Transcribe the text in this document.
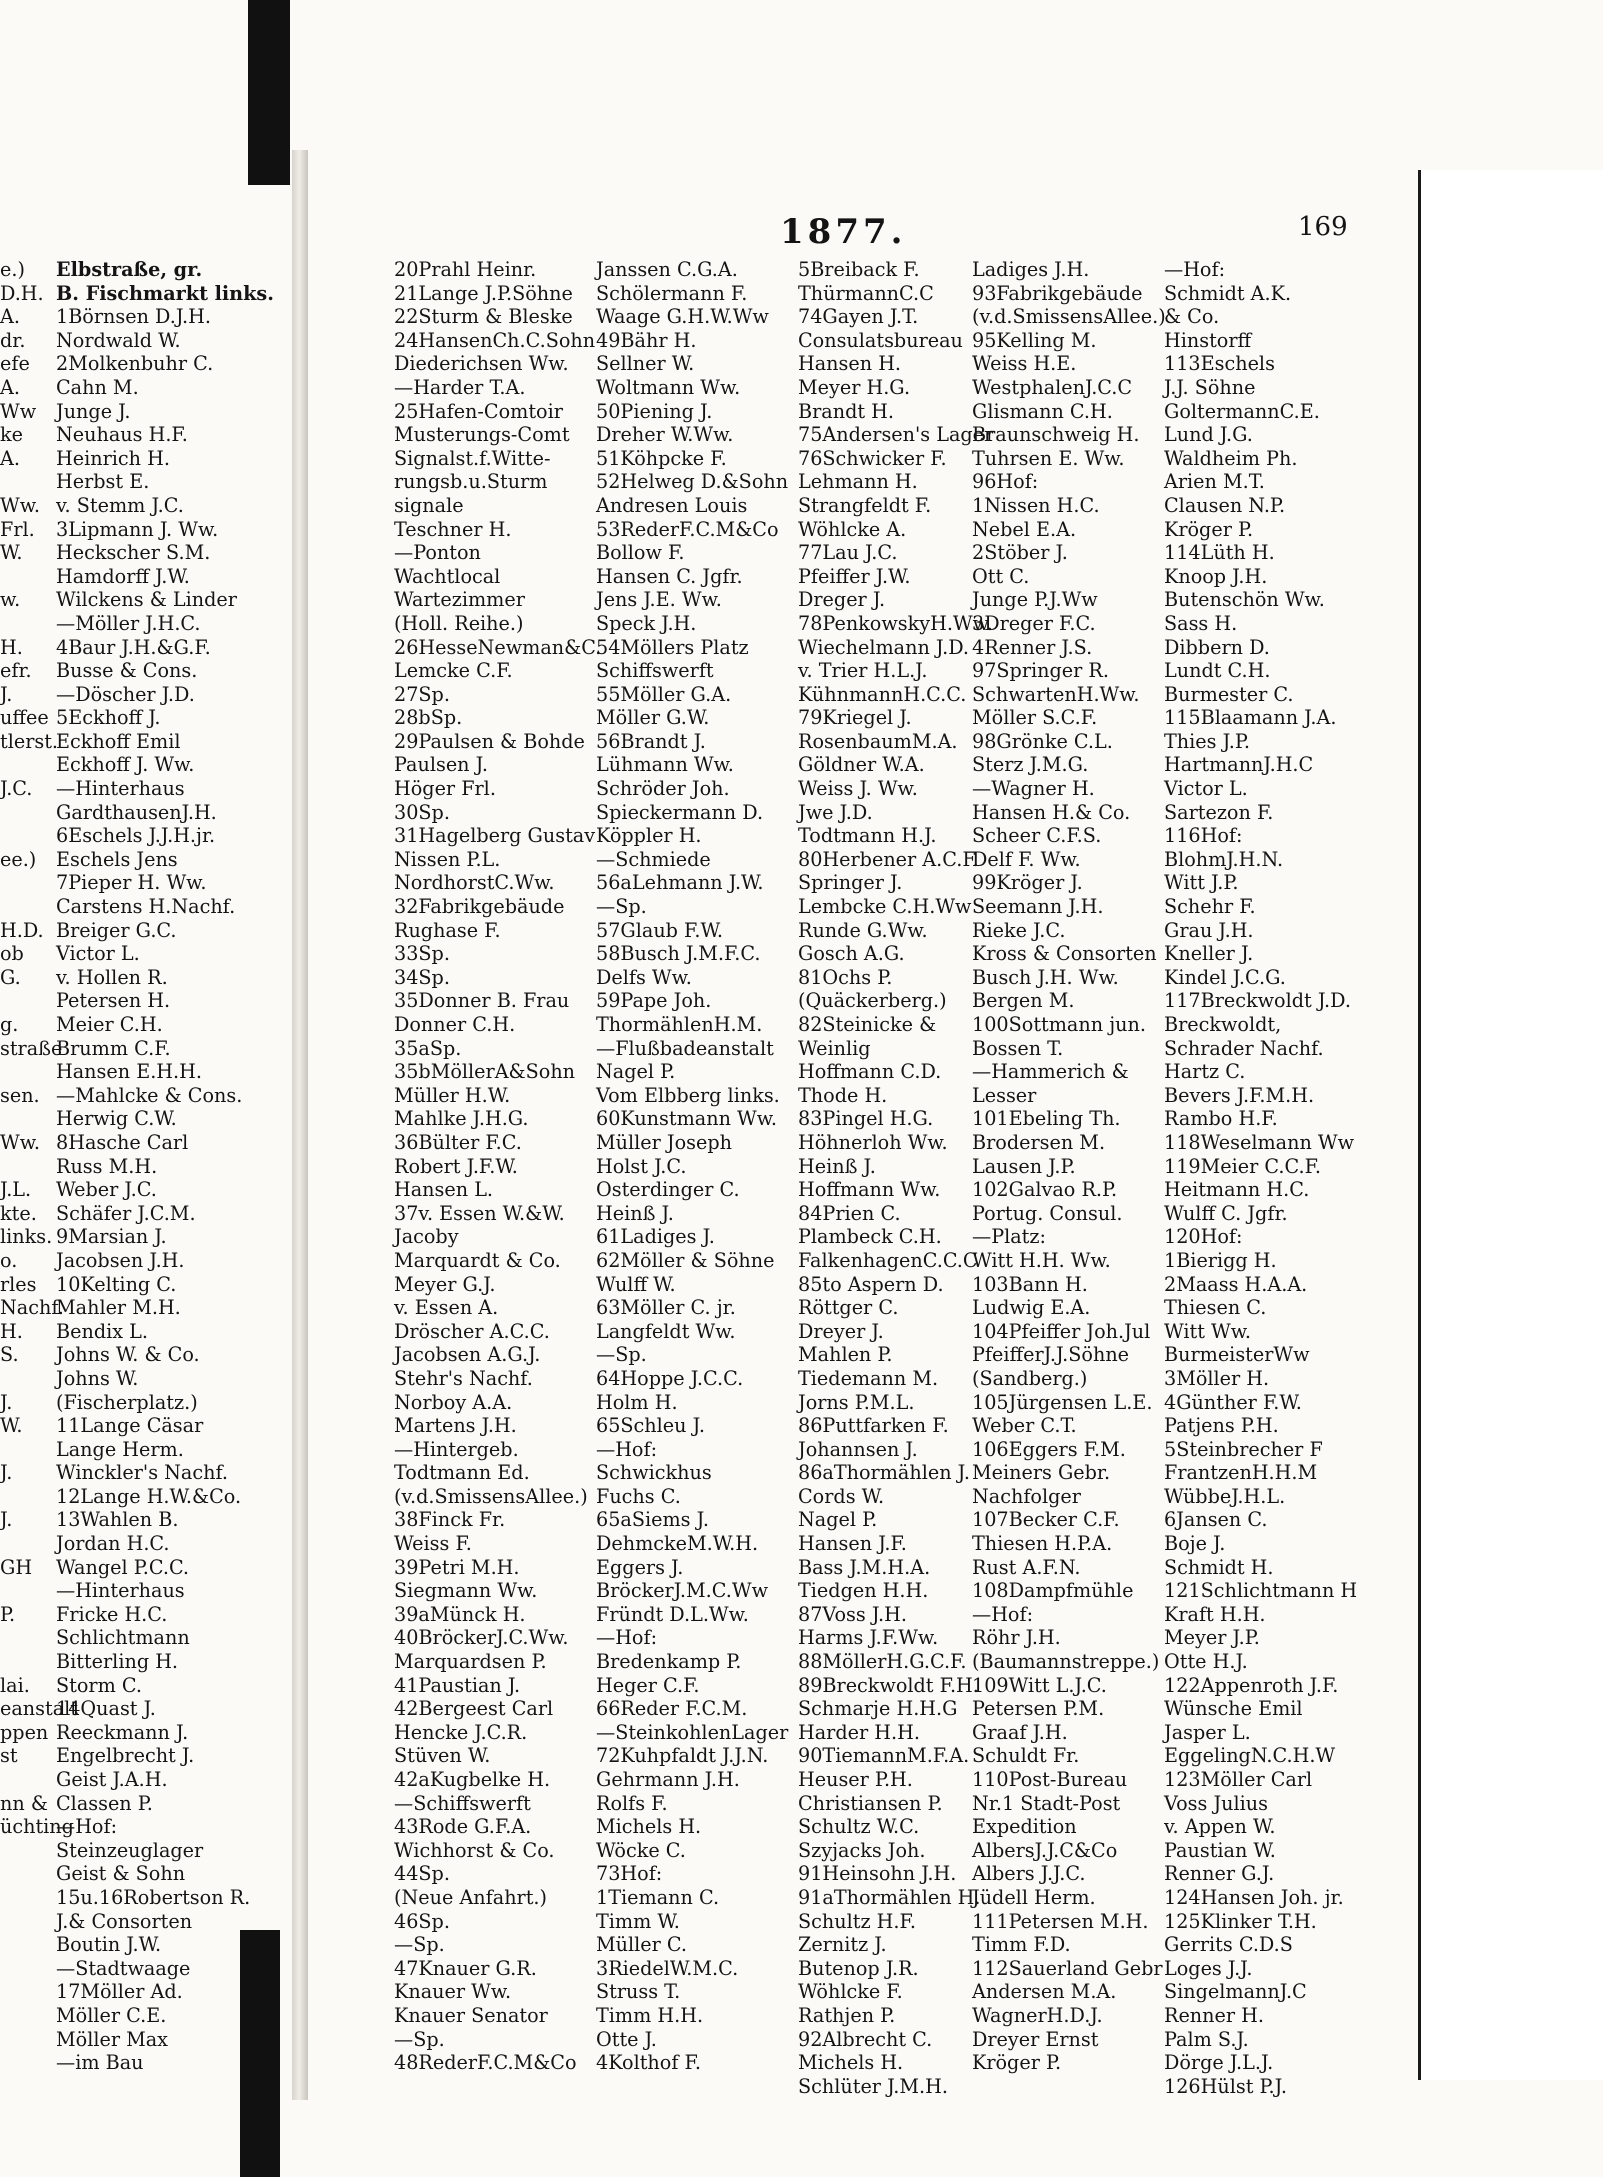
1877.	169
e.)
D.H.
A.
dr.
efe
A.
Ww
ke
A.
Ww.
Frl.
W.
w.
H.
efr.
J.
uffee
tlerst.
J.C.
ee.)
H.D.
ob
G.
g.
straße
sen.
Ww.
J.L.
kte.
links.
o.
rles
Nachf.
H.
S.
J.
W.
J.
J.
GH
P.
lai.
eanstalt
ppen
st
nn &
üchting
Elbstraße, gr.
B. Fischmarkt links.
1Börnsen D.J.H.
Nordwald W.
2Molkenbuhr C.
Cahn M.
Junge J.
Neuhaus H.F.
Heinrich H.
Herbst E.
v. Stemm J.C.
3Lipmann J. Ww.
Heckscher S.M.
Hamdorff J.W.
Wilckens & Linder
—Möller J.H.C.
4Baur J.H.&G.F.
Busse & Cons.
—Döscher J.D.
5Eckhoff J.
Eckhoff Emil
Eckhoff J. Ww.
—Hinterhaus
GardthausenJ.H.
6Eschels J.J.H.jr.
Eschels Jens
7Pieper H. Ww.
Carstens H.Nachf.
Breiger G.C.
Victor L.
v. Hollen R.
Petersen H.
Meier C.H.
Brumm C.F.
Hansen E.H.H.
—Mahlcke & Cons.
Herwig C.W.
8Hasche Carl
Russ M.H.
Weber J.C.
Schäfer J.C.M.
9Marsian J.
Jacobsen J.H.
10Kelting C.
Mahler M.H.
Bendix L.
Johns W. & Co.
Johns W.
(Fischerplatz.)
11Lange Cäsar
Lange Herm.
Winckler's Nachf.
12Lange H.W.&Co.
13Wahlen B.
Jordan H.C.
Wangel P.C.C.
—Hinterhaus
Fricke H.C.
Schlichtmann
Bitterling H.
Storm C.
14Quast J.
Reeckmann J.
Engelbrecht J.
Geist J.A.H.
Classen P.
—Hof:
Steinzeuglager
Geist & Sohn
15u.16Robertson R.
J.& Consorten
Boutin J.W.
—Stadtwaage
17Möller Ad.
Möller C.E.
Möller Max
—im Bau
20Prahl Heinr.
21Lange J.P.Söhne
22Sturm & Bleske
24HansenCh.C.Sohn
Diederichsen Ww.
—Harder T.A.
25Hafen-Comtoir
Musterungs-Comt
Signalst.f.Witte-
rungsb.u.Sturm
signale
Teschner H.
—Ponton
Wachtlocal
Wartezimmer
(Holl. Reihe.)
26HesseNewman&C.
Lemcke C.F.
27Sp.
28bSp.
29Paulsen & Bohde
Paulsen J.
Höger Frl.
30Sp.
31Hagelberg Gustav
Nissen P.L.
NordhorstC.Ww.
32Fabrikgebäude
Rughase F.
33Sp.
34Sp.
35Donner B. Frau
Donner C.H.
35aSp.
35bMöllerA&Sohn
Müller H.W.
Mahlke J.H.G.
36Bülter F.C.
Robert J.F.W.
Hansen L.
37v. Essen W.&W.
Jacoby
Marquardt & Co.
Meyer G.J.
v. Essen A.
Dröscher A.C.C.
Jacobsen A.G.J.
Stehr's Nachf.
Norboy A.A.
Martens J.H.
—Hintergeb.
Todtmann Ed.
(v.d.SmissensAllee.)
38Finck Fr.
Weiss F.
39Petri M.H.
Siegmann Ww.
39aMünck H.
40BröckerJ.C.Ww.
Marquardsen P.
41Paustian J.
42Bergeest Carl
Hencke J.C.R.
Stüven W.
42aKugbelke H.
—Schiffswerft
43Rode G.F.A.
Wichhorst & Co.
44Sp.
(Neue Anfahrt.)
46Sp.
—Sp.
47Knauer G.R.
Knauer Ww.
Knauer Senator
—Sp.
48RederF.C.M&Co
Janssen C.G.A.
Schölermann F.
Waage G.H.W.Ww
49Bähr H.
Sellner W.
Woltmann Ww.
50Piening J.
Dreher W.Ww.
51Köhpcke F.
52Helweg D.&Sohn
Andresen Louis
53RederF.C.M&Co
Bollow F.
Hansen C. Jgfr.
Jens J.E. Ww.
Speck J.H.
54Möllers Platz
Schiffswerft
55Möller G.A.
Möller G.W.
56Brandt J.
Lühmann Ww.
Schröder Joh.
Spieckermann D.
Köppler H.
—Schmiede
56aLehmann J.W.
—Sp.
57Glaub F.W.
58Busch J.M.F.C.
Delfs Ww.
59Pape Joh.
ThormählenH.M.
—Flußbadeanstalt
Nagel P.
Vom Elbberg links.
60Kunstmann Ww.
Müller Joseph
Holst J.C.
Osterdinger C.
Heinß J.
61Ladiges J.
62Möller & Söhne
Wulff W.
63Möller C. jr.
Langfeldt Ww.
—Sp.
64Hoppe J.C.C.
Holm H.
65Schleu J.
—Hof:
Schwickhus
Fuchs C.
65aSiems J.
DehmckeM.W.H.
Eggers J.
BröckerJ.M.C.Ww
Fründt D.L.Ww.
—Hof:
Bredenkamp P.
Heger C.F.
66Reder F.C.M.
—SteinkohlenLager
72Kuhpfaldt J.J.N.
Gehrmann J.H.
Rolfs F.
Michels H.
Wöcke C.
73Hof:
1Tiemann C.
Timm W.
Müller C.
3RiedelW.M.C.
Struss T.
Timm H.H.
Otte J.
4Kolthof F.
5Breiback F.
ThürmannC.C
74Gayen J.T.
Consulatsbureau
Hansen H.
Meyer H.G.
Brandt H.
75Andersen's Lager
76Schwicker F.
Lehmann H.
Strangfeldt F.
Wöhlcke A.
77Lau J.C.
Pfeiffer J.W.
Dreger J.
78PenkowskyH.Ww.
Wiechelmann J.D.
v. Trier H.L.J.
KühnmannH.C.C.
79Kriegel J.
RosenbaumM.A.
Göldner W.A.
Weiss J. Ww.
Jwe J.D.
Todtmann H.J.
80Herbener A.C.F.
Springer J.
Lembcke C.H.Ww
Runde G.Ww.
Gosch A.G.
81Ochs P.
(Quäckerberg.)
82Steinicke &
Weinlig
Hoffmann C.D.
Thode H.
83Pingel H.G.
Höhnerloh Ww.
Heinß J.
Hoffmann Ww.
84Prien C.
Plambeck C.H.
FalkenhagenC.C.C
85to Aspern D.
Röttger C.
Dreyer J.
Mahlen P.
Tiedemann M.
Jorns P.M.L.
86Puttfarken F.
Johannsen J.
86aThormählen J.
Cords W.
Nagel P.
Hansen J.F.
Bass J.M.H.A.
Tiedgen H.H.
87Voss J.H.
Harms J.F.Ww.
88MöllerH.G.C.F.
89Breckwoldt F.H.
Schmarje H.H.G
Harder H.H.
90TiemannM.F.A.
Heuser P.H.
Christiansen P.
Schultz W.C.
Szyjacks Joh.
91Heinsohn J.H.
91aThormählen H.
Schultz H.F.
Zernitz J.
Butenop J.R.
Wöhlcke F.
Rathjen P.
92Albrecht C.
Michels H.
Schlüter J.M.H.
Ladiges J.H.
93Fabrikgebäude
(v.d.SmissensAllee.)
95Kelling M.
Weiss H.E.
WestphalenJ.C.C
Glismann C.H.
Braunschweig H.
Tuhrsen E. Ww.
96Hof:
1Nissen H.C.
Nebel E.A.
2Stöber J.
Ott C.
Junge P.J.Ww
3Dreger F.C.
4Renner J.S.
97Springer R.
SchwartenH.Ww.
Möller S.C.F.
98Grönke C.L.
Sterz J.M.G.
—Wagner H.
Hansen H.& Co.
Scheer C.F.S.
Delf F. Ww.
99Kröger J.
Seemann J.H.
Rieke J.C.
Kross & Consorten
Busch J.H. Ww.
Bergen M.
100Sottmann jun.
Bossen T.
—Hammerich &
Lesser
101Ebeling Th.
Brodersen M.
Lausen J.P.
102Galvao R.P.
Portug. Consul.
—Platz:
Witt H.H. Ww.
103Bann H.
Ludwig E.A.
104Pfeiffer Joh.Jul
PfeifferJ.J.Söhne
(Sandberg.)
105Jürgensen L.E.
Weber C.T.
106Eggers F.M.
Meiners Gebr.
Nachfolger
107Becker C.F.
Thiesen H.P.A.
Rust A.F.N.
108Dampfmühle
—Hof:
Röhr J.H.
(Baumannstreppe.)
109Witt L.J.C.
Petersen P.M.
Graaf J.H.
Schuldt Fr.
110Post-Bureau
Nr.1 Stadt-Post
Expedition
AlbersJ.J.C&Co
Albers J.J.C.
Jüdell Herm.
111Petersen M.H.
Timm F.D.
112Sauerland Gebr
Andersen M.A.
WagnerH.D.J.
Dreyer Ernst
Kröger P.
—Hof:
Schmidt A.K.
& Co.
Hinstorff
113Eschels
J.J. Söhne
GoltermannC.E.
Lund J.G.
Waldheim Ph.
Arien M.T.
Clausen N.P.
Kröger P.
114Lüth H.
Knoop J.H.
Butenschön Ww.
Sass H.
Dibbern D.
Lundt C.H.
Burmester C.
115Blaamann J.A.
Thies J.P.
HartmannJ.H.C
Victor L.
Sartezon F.
116Hof:
BlohmJ.H.N.
Witt J.P.
Schehr F.
Grau J.H.
Kneller J.
Kindel J.C.G.
117Breckwoldt J.D.
Breckwoldt,
Schrader Nachf.
Hartz C.
Bevers J.F.M.H.
Rambo H.F.
118Weselmann Ww
119Meier C.C.F.
Heitmann H.C.
Wulff C. Jgfr.
120Hof:
1Bierigg H.
2Maass H.A.A.
Thiesen C.
Witt Ww.
BurmeisterWw
3Möller H.
4Günther F.W.
Patjens P.H.
5Steinbrecher F
FrantzenH.H.M
WübbeJ.H.L.
6Jansen C.
Boje J.
Schmidt H.
121Schlichtmann H
Kraft H.H.
Meyer J.P.
Otte H.J.
122Appenroth J.F.
Wünsche Emil
Jasper L.
EggelingN.C.H.W
123Möller Carl
Voss Julius
v. Appen W.
Paustian W.
Renner G.J.
124Hansen Joh. jr.
125Klinker T.H.
Gerrits C.D.S
Loges J.J.
SingelmannJ.C
Renner H.
Palm S.J.
Dörge J.L.J.
126Hülst P.J.
